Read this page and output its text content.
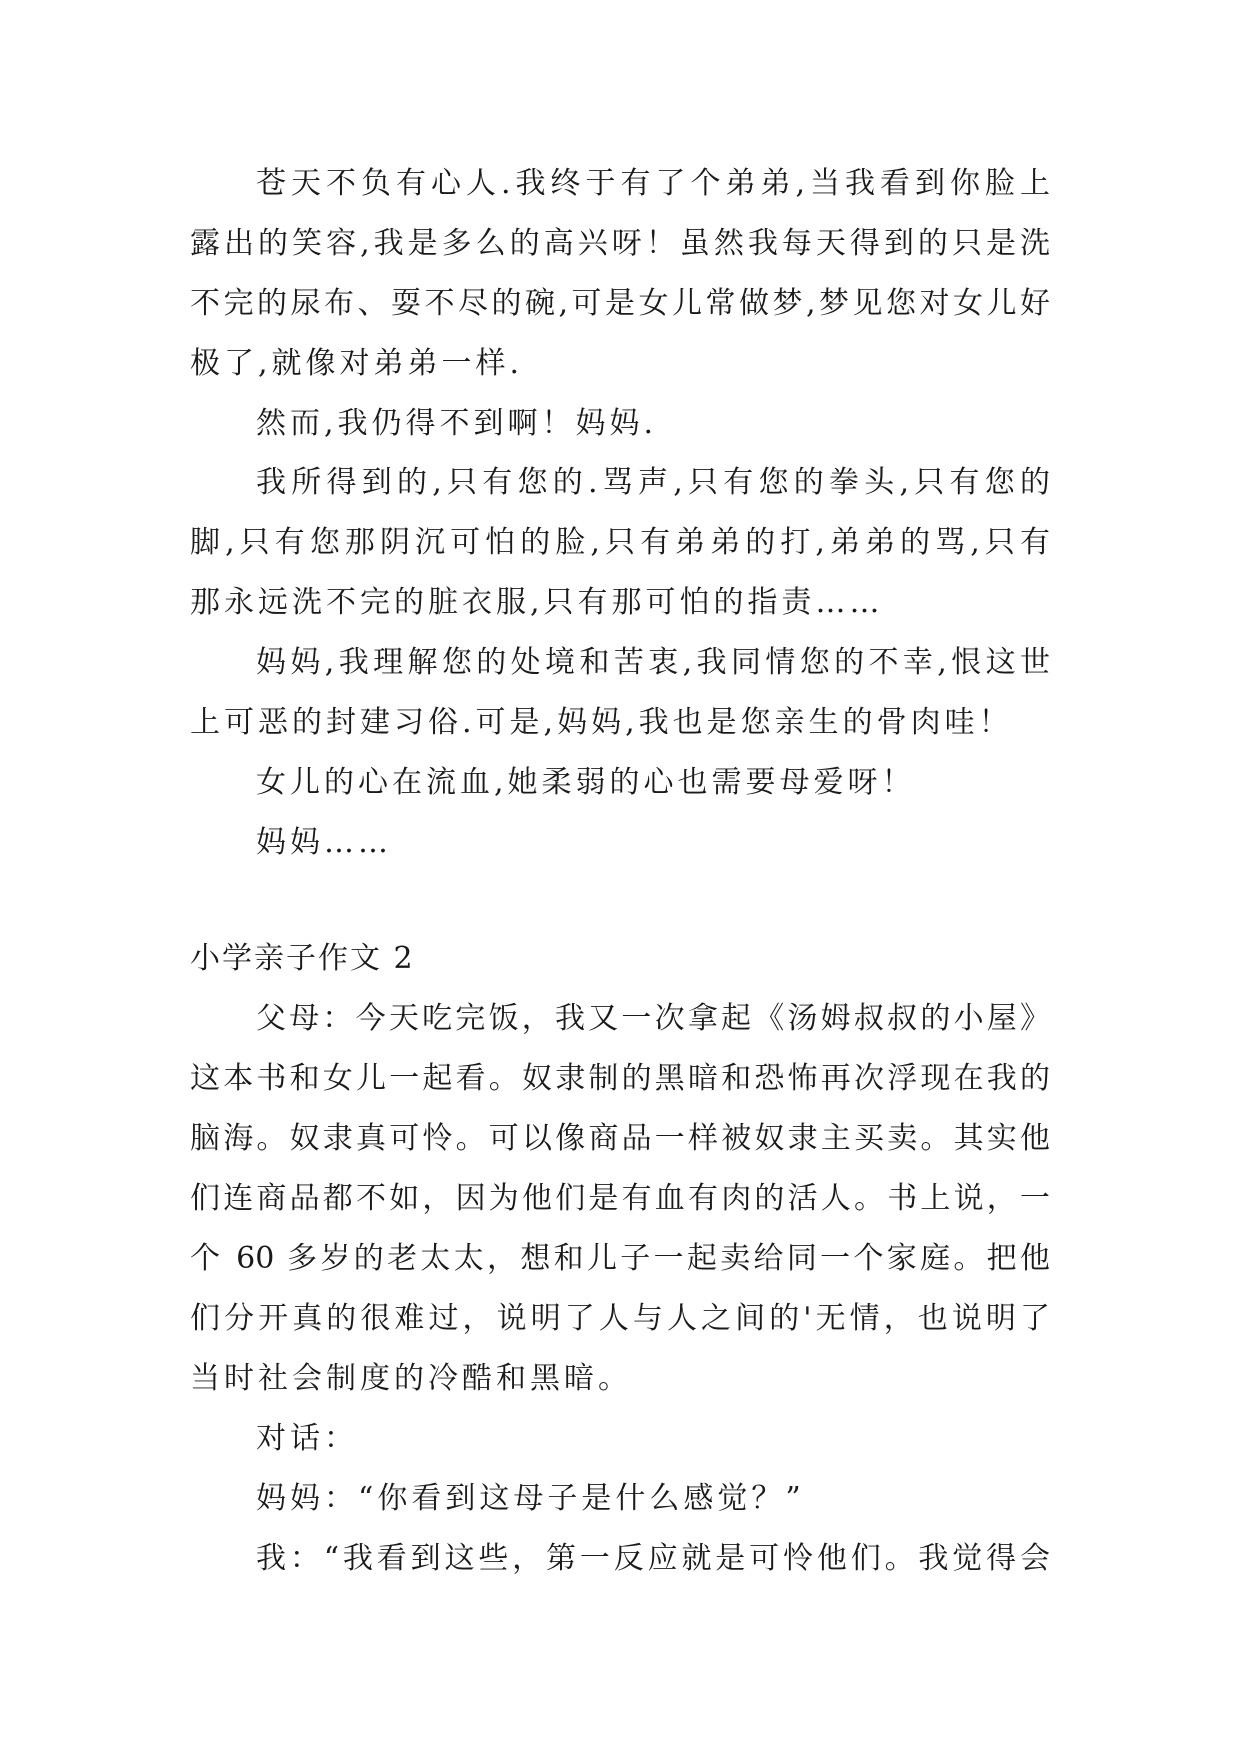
苍天不负有心人.我终于有了个弟弟,当我看到你脸上
露出的笑容,我是多么的高兴呀！虽然我每天得到的只是洗
不完的尿布、耍不尽的碗,可是女儿常做梦,梦见您对女儿好
极了,就像对弟弟一样.
然而,我仍得不到啊！妈妈.
我所得到的,只有您的.骂声,只有您的拳头,只有您的
脚,只有您那阴沉可怕的脸,只有弟弟的打,弟弟的骂,只有
那永远洗不完的脏衣服,只有那可怕的指责……
妈妈,我理解您的处境和苦衷,我同情您的不幸,恨这世
上可恶的封建习俗.可是,妈妈,我也是您亲生的骨肉哇！
女儿的心在流血,她柔弱的心也需要母爱呀！
妈妈……
小学亲子作文 2
父母：今天吃完饭，我又一次拿起《汤姆叔叔的小屋》
这本书和女儿一起看。奴隶制的黑暗和恐怖再次浮现在我的
脑海。奴隶真可怜。可以像商品一样被奴隶主买卖。其实他
们连商品都不如，因为他们是有血有肉的活人。书上说，一
个 60 多岁的老太太，想和儿子一起卖给同一个家庭。把他
们分开真的很难过，说明了人与人之间的'无情，也说明了
当时社会制度的冷酷和黑暗。
对话：
妈妈：“你看到这母子是什么感觉？”
我：“我看到这些，第一反应就是可怜他们。我觉得会
